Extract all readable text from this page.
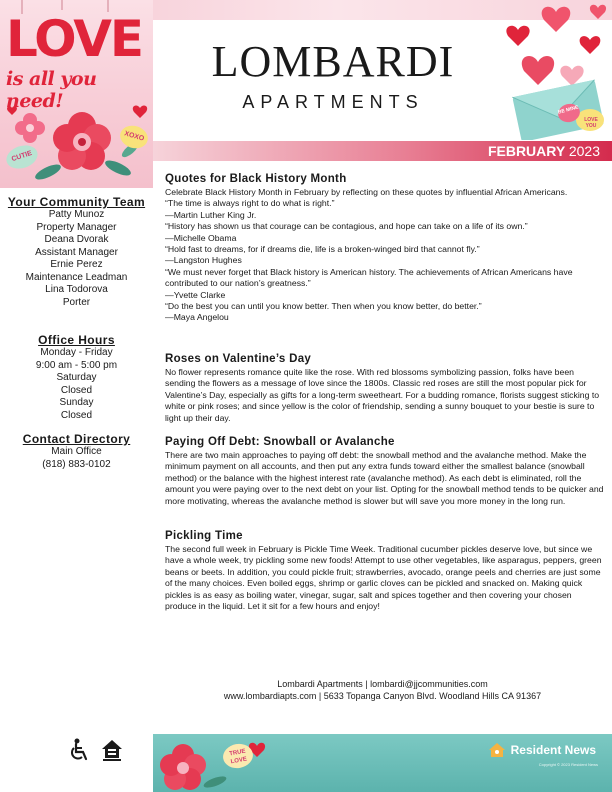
LOVE
is all you need!
CUTIE
XOXO
Your Community Team
Patty Munoz
Property Manager
Deana Dvorak
Assistant Manager
Ernie Perez
Maintenance Leadman
Lina Todorova
Porter
Office Hours
Monday - Friday
9:00 am - 5:00 pm
Saturday
Closed
Sunday
Closed
Contact Directory
Main Office
(818) 883-0102
LOMBARDI
APARTMENTS	BE MINE
LOVE YOU
FEBRUARY 2023
Quotes for Black History Month

Celebrate Black History Month in February by reflecting on these quotes by influential African Americans.

“The time is always right to do what is right.”

—Martin Luther King Jr.

“History has shown us that courage can be contagious, and hope can take on a life of its own.”

—Michelle Obama

“Hold fast to dreams, for if dreams die, life is a broken-winged bird that cannot fly.”

—Langston Hughes

“We must never forget that Black history is American history. The achievements of African Americans have contributed to our nation’s greatness.”

—Yvette Clarke

“Do the best you can until you know better. Then when you know better, do better.”

—Maya Angelou

Roses on Valentine’s Day

No flower represents romance quite like the rose. With red blossoms symbolizing passion, folks have been sending the flowers as a message of love since the 1800s. Classic red roses are still the most popular pick for Valentine’s Day, especially as gifts for a long-term sweetheart. For a budding romance, florists suggest sticking to white or pink roses; and since yellow is the color of friendship, sending a sunny bouquet to your bestie is sure to light up their day.

Paying Off Debt: Snowball or Avalanche

There are two main approaches to paying off debt: the snowball method and the avalanche method. Make the minimum payment on all accounts, and then put any extra funds toward either the smallest balance (snowball method) or the balance with the highest interest rate (avalanche method). As each debt is eliminated, roll the amount you were paying over to the next debt on your list. Opting for the snowball method tends to be quicker and more motivating, whereas the avalanche method is slower but will save you more money in the long run.

Pickling Time

The second full week in February is Pickle Time Week. Traditional cucumber pickles deserve love, but since we have a whole week, try pickling some new foods! Attempt to use other vegetables, like asparagus, peppers, green beans or beets. In addition, you could pickle fruit; strawberries, avocado, orange peels and cherries are just some of the many choices. Even boiled eggs, shrimp or garlic cloves can be pickled and snacked on. Making quick pickles is as easy as boiling water, vinegar, sugar, salt and spices together and then covering your chosen produce in the liquid. Let it sit for a few hours and enjoy!

Lombardi Apartments | lombardi@jjcommunities.com
www.lombardiapts.com | 5633 Topanga Canyon Blvd. Woodland Hills CA 91367
TRUE LOVE
Resident News
Copyright © 2023 Resident News
